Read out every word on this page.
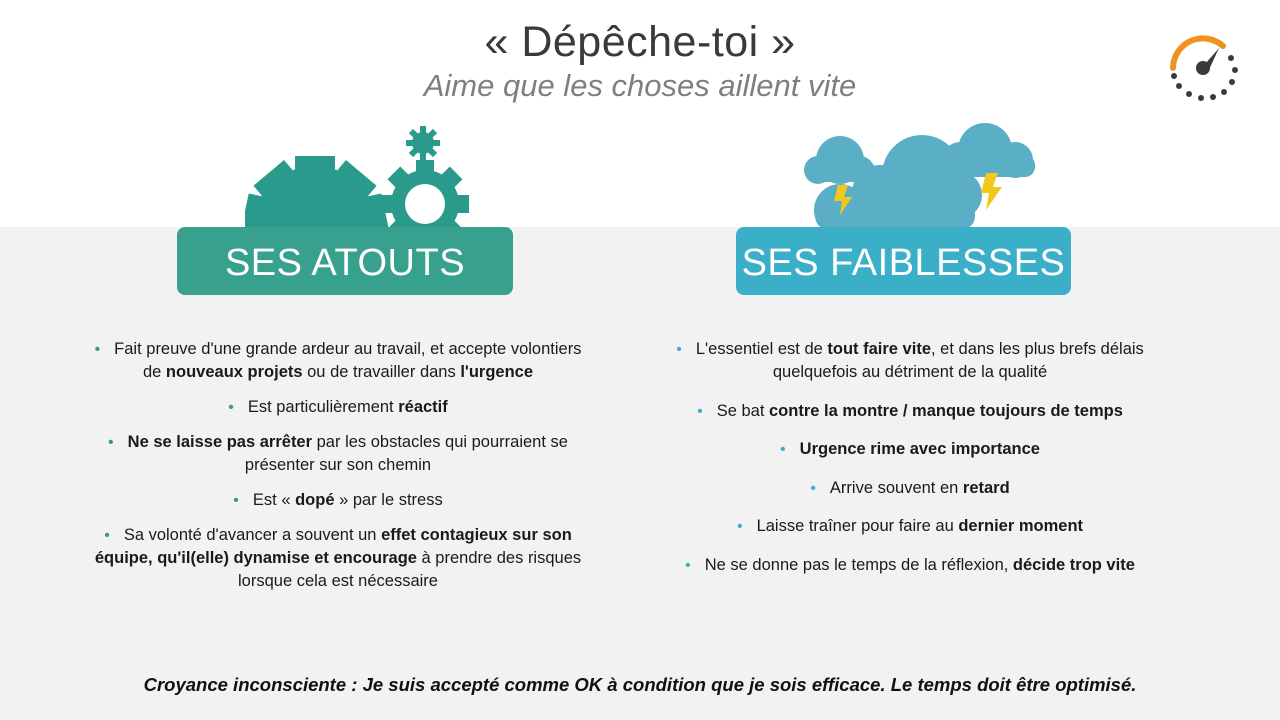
« Dépêche-toi »
Aime que les choses aillent vite
SES ATOUTS	SES FAIBLESSES
• Fait preuve d'une grande ardeur au travail, et accepte volontiers de nouveaux projets ou de travailler dans l'urgence
• Est particulièrement réactif
• Ne se laisse pas arrêter par les obstacles qui pourraient se présenter sur son chemin
• Est « dopé » par le stress
• Sa volonté d'avancer a souvent un effet contagieux sur son équipe, qu'il(elle) dynamise et encourage à prendre des risques lorsque cela est nécessaire
• L'essentiel est de tout faire vite, et dans les plus brefs délais quelquefois au détriment de la qualité
• Se bat contre la montre / manque toujours de temps
• Urgence rime avec importance
• Arrive souvent en retard
• Laisse traîner pour faire au dernier moment
• Ne se donne pas le temps de la réflexion, décide trop vite
Croyance inconsciente : Je suis accepté comme OK à condition que je sois efficace. Le temps doit être optimisé.
